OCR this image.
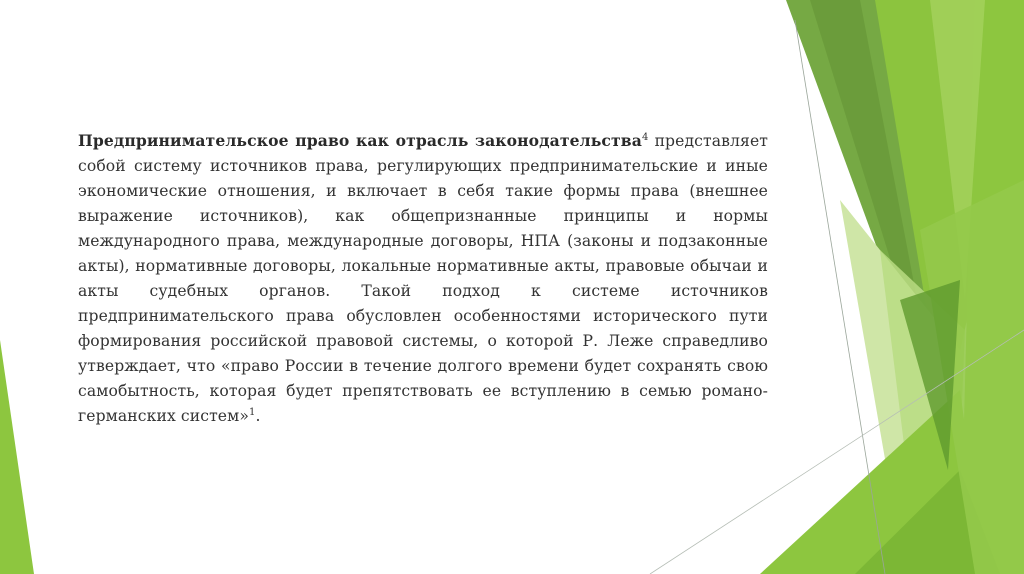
Предпринимательское право как отрасль законодательства$^4$ представляет собой систему источников права, регулирующих предпринимательские и иные экономические отношения, и включает в себя такие формы права (внешнее выражение источников), как общепризнанные принципы и нормы международного права, международные договоры, НПА (законы и подзаконные акты), нормативные договоры, локальные нормативные акты, правовые обычаи и акты судебных органов. Такой подход к системе источников предпринимательского права обусловлен особенностями исторического пути формирования российской правовой системы, о которой Р. Леже справедливо утверждает, что «право России в течение долгого времени будет сохранять свою самобытность, которая будет препятствовать ее вступлению в семью романо-германских систем»$^1$.
